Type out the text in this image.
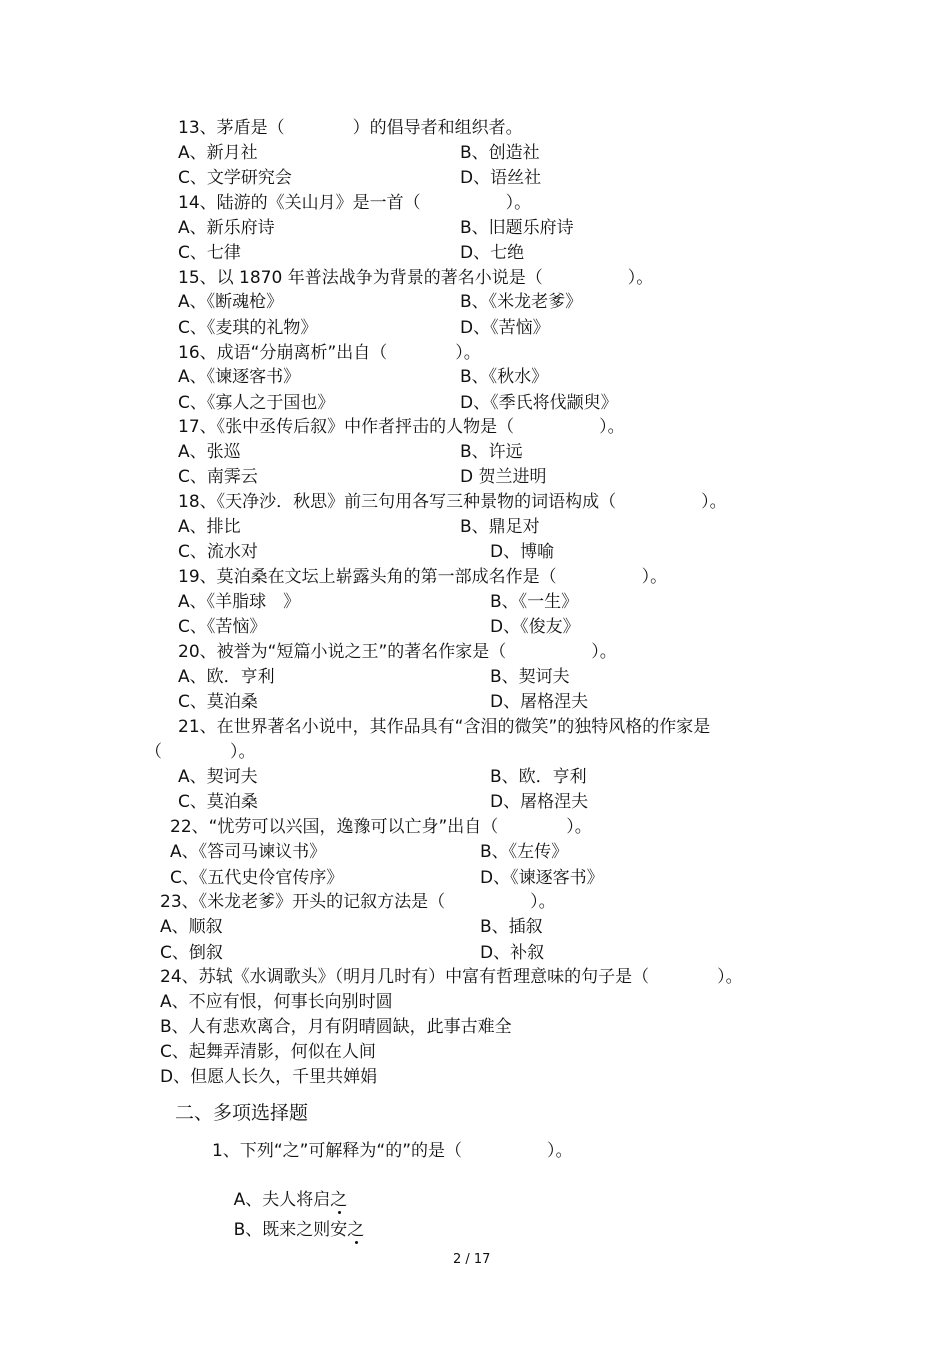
13、茅盾是（　　　　）的倡导者和组织者。
A、新月社	B、创造社
C、文学研究会	D、语丝社
14、陆游的《关山月》是一首（　　　　　）。
A、新乐府诗	B、旧题乐府诗
C、七律	D、七绝
15、以 1870 年普法战争为背景的著名小说是（　　　　　）。
A、《断魂枪》	B、《米龙老爹》
C、《麦琪的礼物》	D、《苦恼》
16、成语“分崩离析”出自（　　　　）。
A、《谏逐客书》	B、《秋水》
C、《寡人之于国也》	D、《季氏将伐颛臾》
17、《张中丞传后叙》中作者抨击的人物是（　　　　　）。
A、张巡	B、许远
C、南霁云	D 贺兰进明
18、《天净沙．秋思》前三句用各写三种景物的词语构成（　　　　　）。
A、排比	B、鼎足对
C、流水对	D、博喻
19、莫泊桑在文坛上崭露头角的第一部成名作是（　　　　　）。
A、《羊脂球　》	B、《一生》
C、《苦恼》	D、《俊友》
20、被誉为“短篇小说之王”的著名作家是（　　　　　）。
A、欧．亨利	B、契诃夫
C、莫泊桑	D、屠格涅夫
21、在世界著名小说中，其作品具有“含泪的微笑”的独特风格的作家是
（　　　　）。
A、契诃夫	B、欧．亨利
C、莫泊桑	D、屠格涅夫
22、“忧劳可以兴国，逸豫可以亡身”出自（　　　　）。
A、《答司马谏议书》	B、《左传》
C、《五代史伶官传序》	D、《谏逐客书》
23、《米龙老爹》开头的记叙方法是（　　　　　）。
A、顺叙	B、插叙
C、倒叙	D、补叙
24、苏轼《水调歌头》（明月几时有）中富有哲理意味的句子是（　　　　）。
A、不应有恨，何事长向别时圆
B、人有悲欢离合，月有阴晴圆缺，此事古难全
C、起舞弄清影，何似在人间
D、但愿人长久，千里共婵娟
二、多项选择题
1、下列“之”可解释为“的”的是（　　　　　）。

A、夫人将启之

B、既来之则安之

2 / 17
